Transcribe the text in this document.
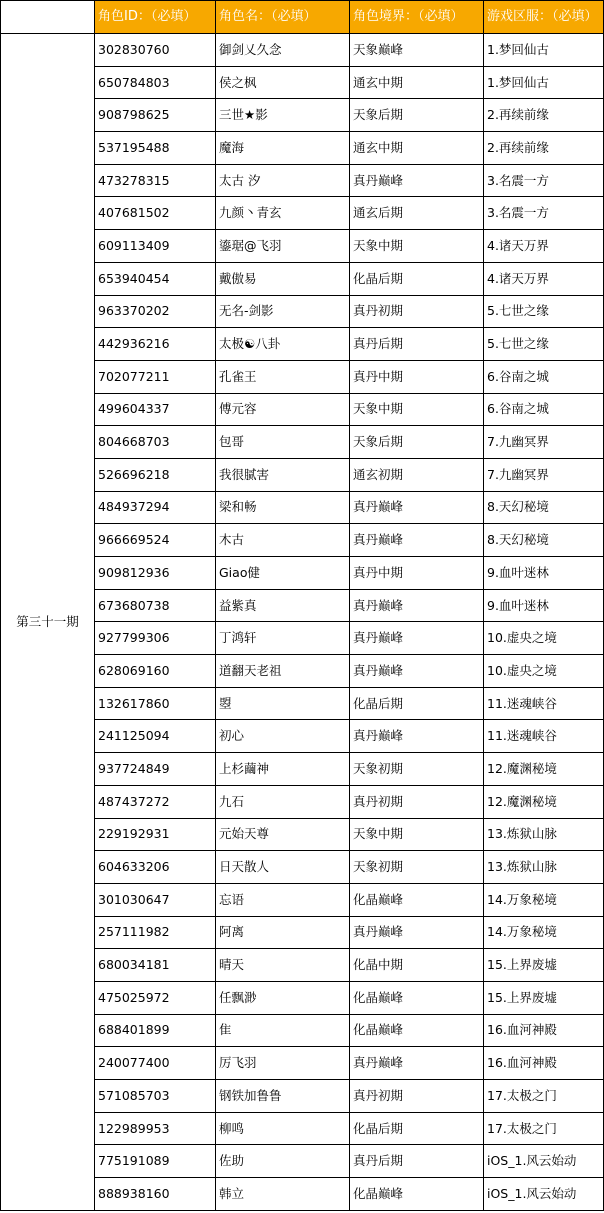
	角色ID：（必填）	角色名：（必填）	角色境界：（必填）	游戏区服：（必填）
第三十一期	302830760	御剑乂久念	天象巅峰	1.梦回仙古
	650784803	侯之枫	通玄中期	1.梦回仙古
	908798625	三世★影	天象后期	2.再续前缘
	537195488	魔海	通玄中期	2.再续前缘
	473278315	太古 汐	真丹巅峰	3.名震一方
	407681502	九颜丶青玄	通玄后期	3.名震一方
	609113409	鎏琚@飞羽	天象中期	4.诸天万界
	653940454	戴傲易	化晶后期	4.诸天万界
	963370202	无名-剑影	真丹初期	5.七世之缘
	442936216	太极☯八卦	真丹后期	5.七世之缘
	702077211	孔雀王	真丹中期	6.谷南之城
	499604337	傅元容	天象中期	6.谷南之城
	804668703	包哥	天象后期	7.九幽冥界
	526696218	我很腻害	通玄初期	7.九幽冥界
	484937294	梁和畅	真丹巅峰	8.天幻秘境
	966669524	木古	真丹巅峰	8.天幻秘境
	909812936	Giao健	真丹中期	9.血叶迷林
	673680738	益紫真	真丹巅峰	9.血叶迷林
	927799306	丁鸿轩	真丹巅峰	10.虚央之境
	628069160	道翻天老祖	真丹巅峰	10.虚央之境
	132617860	曌	化晶后期	11.迷魂峡谷
	241125094	初心	真丹巅峰	11.迷魂峡谷
	937724849	上杉繭神	天象初期	12.魔渊秘境
	487437272	九石	真丹初期	12.魔渊秘境
	229192931	元始天尊	天象中期	13.炼狱山脉
	604633206	日天散人	天象初期	13.炼狱山脉
	301030647	忘语	化晶巅峰	14.万象秘境
	257111982	阿离	真丹巅峰	14.万象秘境
	680034181	晴天	化晶中期	15.上界废墟
	475025972	任飘渺	化晶巅峰	15.上界废墟
	688401899	隹	化晶巅峰	16.血河神殿
	240077400	厉飞羽	真丹巅峰	16.血河神殿
	571085703	钢铁加鲁鲁	真丹初期	17.太极之门
	122989953	柳鸣	化晶后期	17.太极之门
	775191089	佐助	真丹后期	iOS_1.风云始动
	888938160	韩立	化晶巅峰	iOS_1.风云始动
